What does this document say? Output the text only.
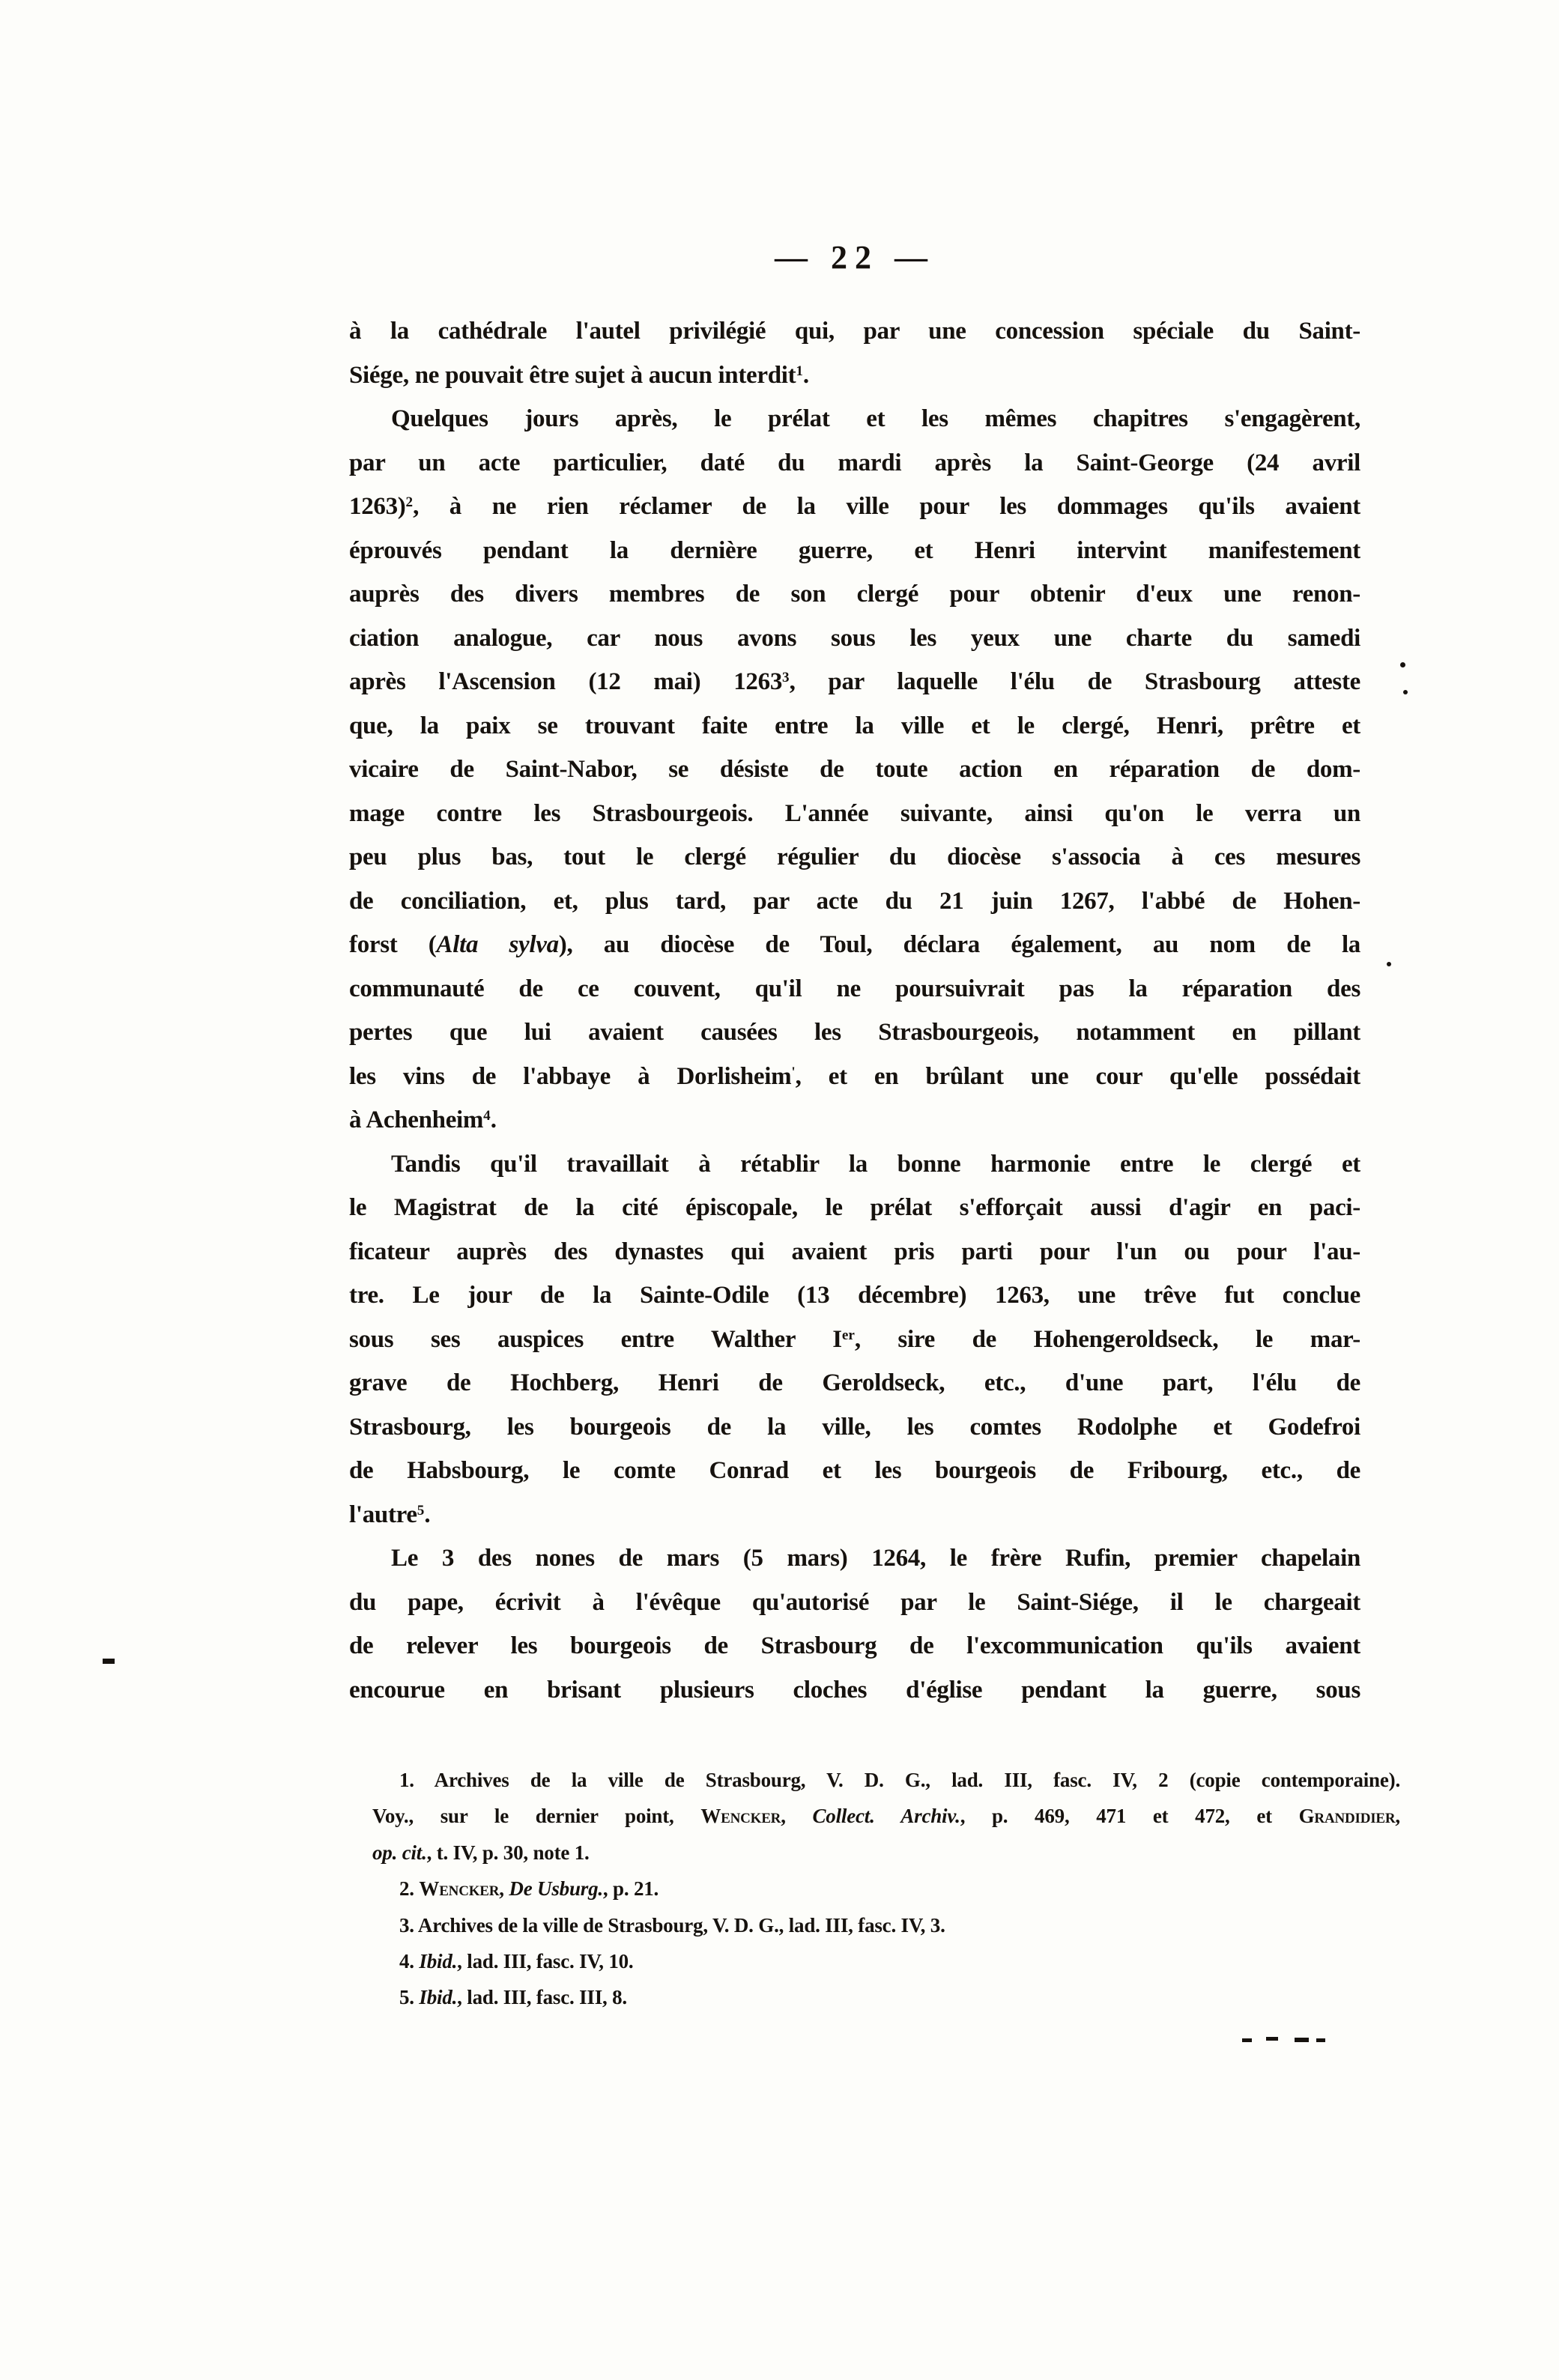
— 22 —
à la cathédrale l'autel privilégié qui, par une concession spéciale du Saint-
Siége, ne pouvait être sujet à aucun interdit$^1$.
Quelques jours après, le prélat et les mêmes chapitres s'engagèrent,
par un acte particulier, daté du mardi après la Saint-George (24 avril
1263)$^2$, à ne rien réclamer de la ville pour les dommages qu'ils avaient
éprouvés pendant la dernière guerre, et Henri intervint manifestement
auprès des divers membres de son clergé pour obtenir d'eux une renon-
ciation analogue, car nous avons sous les yeux une charte du samedi
après l'Ascension (12 mai) 1263$^3$, par laquelle l'élu de Strasbourg atteste
que, la paix se trouvant faite entre la ville et le clergé, Henri, prêtre et
vicaire de Saint-Nabor, se désiste de toute action en réparation de dom-
mage contre les Strasbourgeois. L'année suivante, ainsi qu'on le verra un
peu plus bas, tout le clergé régulier du diocèse s'associa à ces mesures
de conciliation, et, plus tard, par acte du 21 juin 1267, l'abbé de Hohen-
forst (Alta sylva), au diocèse de Toul, déclara également, au nom de la
communauté de ce couvent, qu'il ne poursuivrait pas la réparation des
pertes que lui avaient causées les Strasbourgeois, notamment en pillant
les vins de l'abbaye à Dorlisheim', et en brûlant une cour qu'elle possédait
à Achenheim$^4$.
Tandis qu'il travaillait à rétablir la bonne harmonie entre le clergé et
le Magistrat de la cité épiscopale, le prélat s'efforçait aussi d'agir en paci-
ficateur auprès des dynastes qui avaient pris parti pour l'un ou pour l'au-
tre. Le jour de la Sainte-Odile (13 décembre) 1263, une trêve fut conclue
sous ses auspices entre Walther Ier, sire de Hohengeroldseck, le mar-
grave de Hochberg, Henri de Geroldseck, etc., d'une part, l'élu de
Strasbourg, les bourgeois de la ville, les comtes Rodolphe et Godefroi
de Habsbourg, le comte Conrad et les bourgeois de Fribourg, etc., de
l'autre$^5$.
Le 3 des nones de mars (5 mars) 1264, le frère Rufin, premier chapelain
du pape, écrivit à l'évêque qu'autorisé par le Saint-Siége, il le chargeait
de relever les bourgeois de Strasbourg de l'excommunication qu'ils avaient
encourue en brisant plusieurs cloches d'église pendant la guerre, sous
1. Archives de la ville de Strasbourg, V. D. G., lad. III, fasc. IV, 2 (copie contemporaine).
Voy., sur le dernier point, Wencker, Collect. Archiv., p. 469, 471 et 472, et Grandidier,
op. cit., t. IV, p. 30, note 1.
2. Wencker, De Usburg., p. 21.
3. Archives de la ville de Strasbourg, V. D. G., lad. III, fasc. IV, 3.
4. Ibid., lad. III, fasc. IV, 10.
5. Ibid., lad. III, fasc. III, 8.
